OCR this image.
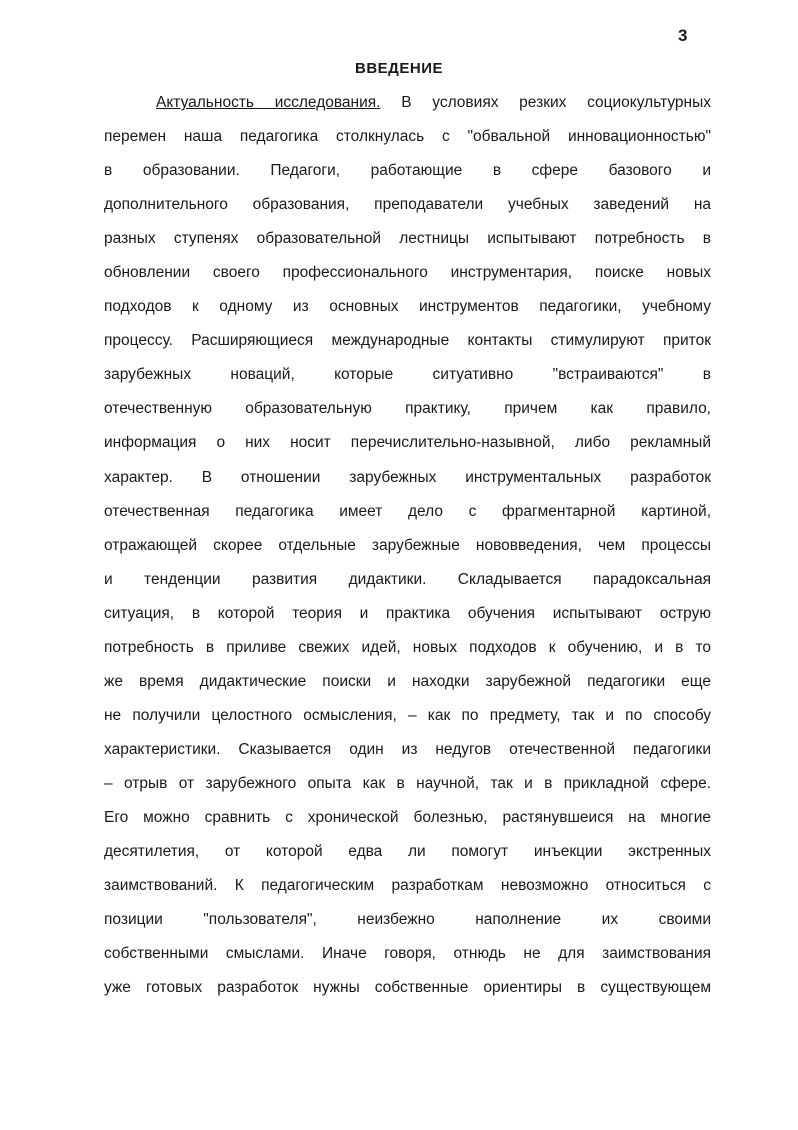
3
ВВЕДЕНИЕ
Актуальность исследования. В условиях резких социокультурных
перемен наша педагогика столкнулась с "обвальной инновационностью"
в образовании. Педагоги, работающие в сфере базового и
дополнительного образования, преподаватели учебных заведений на
разных ступенях образовательной лестницы испытывают потребность в
обновлении своего профессионального инструментария, поиске новых
подходов к одному из основных инструментов педагогики, учебному
процессу. Расширяющиеся международные контакты стимулируют приток
зарубежных новаций, которые ситуативно "встраиваются" в
отечественную образовательную практику, причем как правило,
информация о них носит перечислительно-назывной, либо рекламный
характер. В отношении зарубежных инструментальных разработок
отечественная педагогика имеет дело с фрагментарной картиной,
отражающей скорее отдельные зарубежные нововведения, чем процессы
и тенденции развития дидактики. Складывается парадоксальная
ситуация, в которой теория и практика обучения испытывают острую
потребность в приливе свежих идей, новых подходов к обучению, и в то
же время дидактические поиски и находки зарубежной педагогики еще
не получили целостного осмысления, – как по предмету, так и по способу
характеристики. Сказывается один из недугов отечественной педагогики
– отрыв от зарубежного опыта как в научной, так и в прикладной сфере.
Его можно сравнить с хронической болезнью, растянувшеися на многие
десятилетия, от которой едва ли помогут инъекции экстренных
заимствований. К педагогическим разработкам невозможно относиться с
позиции "пользователя", неизбежно наполнение их своими
собственными смыслами. Иначе говоря, отнюдь не для заимствования
уже готовых разработок нужны собственные ориентиры в существующем
